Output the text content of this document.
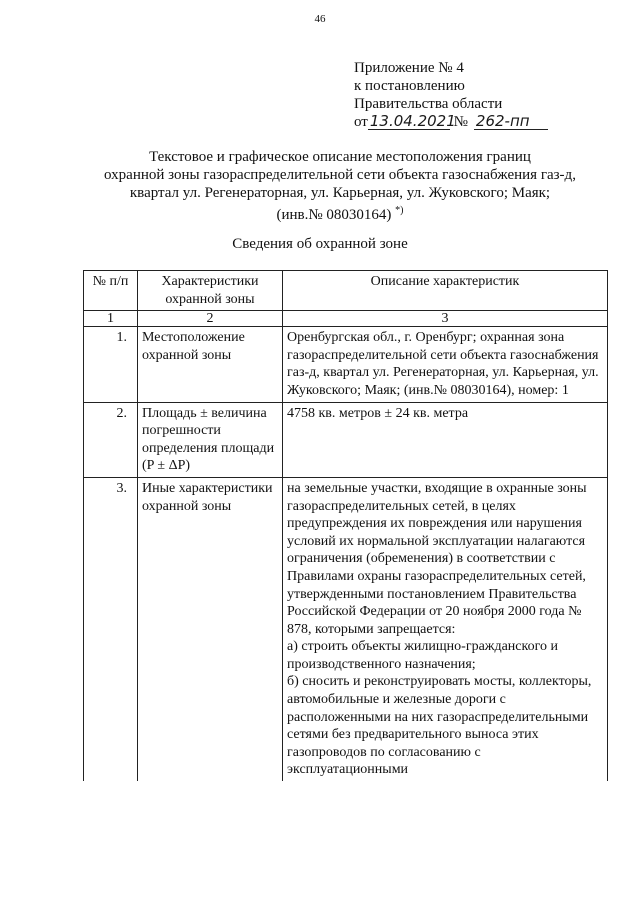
46
Приложение № 4
к постановлению
Правительства области
от 13.04.2021 № 262-пп
Текстовое и графическое описание местоположения границ
охранной зоны газораспределительной сети объекта газоснабжения газ-д,
квартал ул. Регенераторная, ул. Карьерная, ул. Жуковского; Маяк;
(инв.№ 08030164) *)
Сведения об охранной зоне
№ п/п	Характеристики охранной зоны	Описание характеристик
1	2	3
1.	Местоположение охранной зоны	Оренбургская обл., г. Оренбург; охранная зона газораспределительной сети объекта газоснабжения газ-д, квартал ул. Регенераторная, ул. Карьерная, ул. Жуковского; Маяк; (инв.№ 08030164), номер: 1
2.	Площадь ± величина погрешности определения площади (P ± ΔP)	4758 кв. метров ± 24 кв. метра
3.	Иные характеристики охранной зоны	на земельные участки, входящие в охранные зоны газораспределительных сетей, в целях предупреждения их повреждения или нарушения условий их нормальной эксплуатации налагаются ограничения (обременения) в соответствии с Правилами охраны газораспределительных сетей, утвержденными постановлением Правительства Российской Федерации от 20 ноября 2000 года № 878, которыми запрещается:
а) строить объекты жилищно-гражданского и производственного назначения;
б) сносить и реконструировать мосты, коллекторы, автомобильные и железные дороги с расположенными на них газораспределительными сетями без предварительного выноса этих газопроводов по согласованию с эксплуатационными
